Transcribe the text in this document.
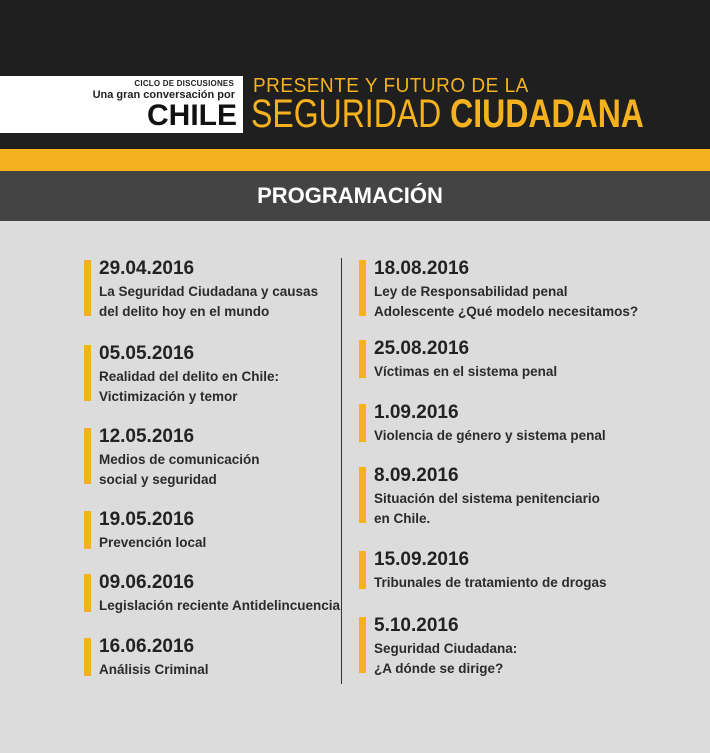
CICLO DE DISCUSIONES
Una gran conversación por
CHILE
PRESENTE Y FUTURO DE LA
SEGURIDAD CIUDADANA
PROGRAMACIÓN
29.04.2016
La Seguridad Ciudadana y causas
del delito hoy en el mundo
05.05.2016
Realidad del delito en Chile:
Victimización y temor
12.05.2016
Medios de comunicación
social y seguridad
19.05.2016
Prevención local
09.06.2016
Legislación reciente Antidelincuencia
16.06.2016
Análisis Criminal
18.08.2016
Ley de Responsabilidad penal
Adolescente ¿Qué modelo necesitamos?
25.08.2016
Víctimas en el sistema penal
1.09.2016
Violencia de género y sistema penal
8.09.2016
Situación del sistema penitenciario
en Chile.
15.09.2016
Tribunales de tratamiento de drogas
5.10.2016
Seguridad Ciudadana:
¿A dónde se dirige?
